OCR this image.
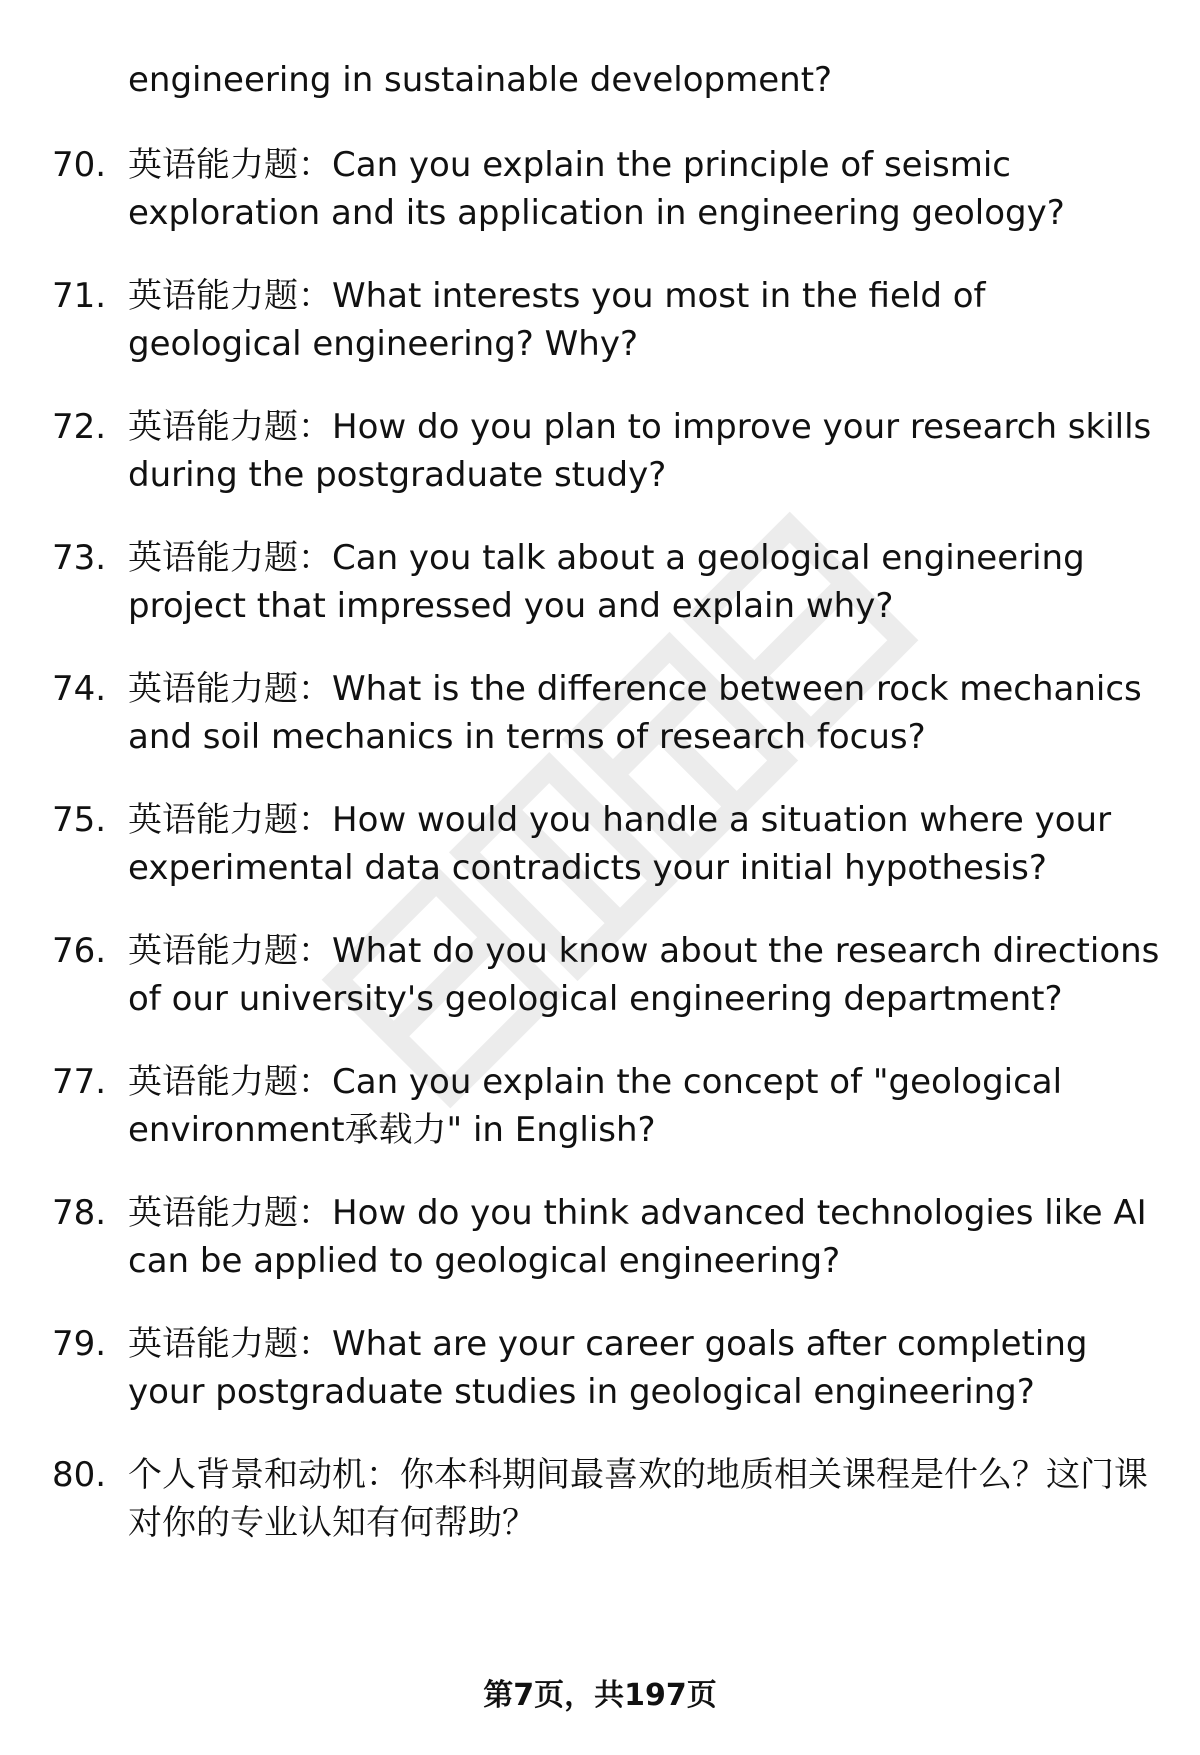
engineering in sustainable development?
70. 英语能力题：Can you explain the principle of seismic exploration and its application in engineering geology?
71. 英语能力题：What interests you most in the field of geological engineering? Why?
72. 英语能力题：How do you plan to improve your research skills during the postgraduate study?
73. 英语能力题：Can you talk about a geological engineering project that impressed you and explain why?
74. 英语能力题：What is the difference between rock mechanics and soil mechanics in terms of research focus?
75. 英语能力题：How would you handle a situation where your experimental data contradicts your initial hypothesis?
76. 英语能力题：What do you know about the research directions of our university's geological engineering department?
77. 英语能力题：Can you explain the concept of "geological environment承载力" in English?
78. 英语能力题：How do you think advanced technologies like AI can be applied to geological engineering?
79. 英语能力题：What are your career goals after completing your postgraduate studies in geological engineering?
80. 个人背景和动机：你本科期间最喜欢的地质相关课程是什么？这门课对你的专业认知有何帮助？
第7页，共197页
